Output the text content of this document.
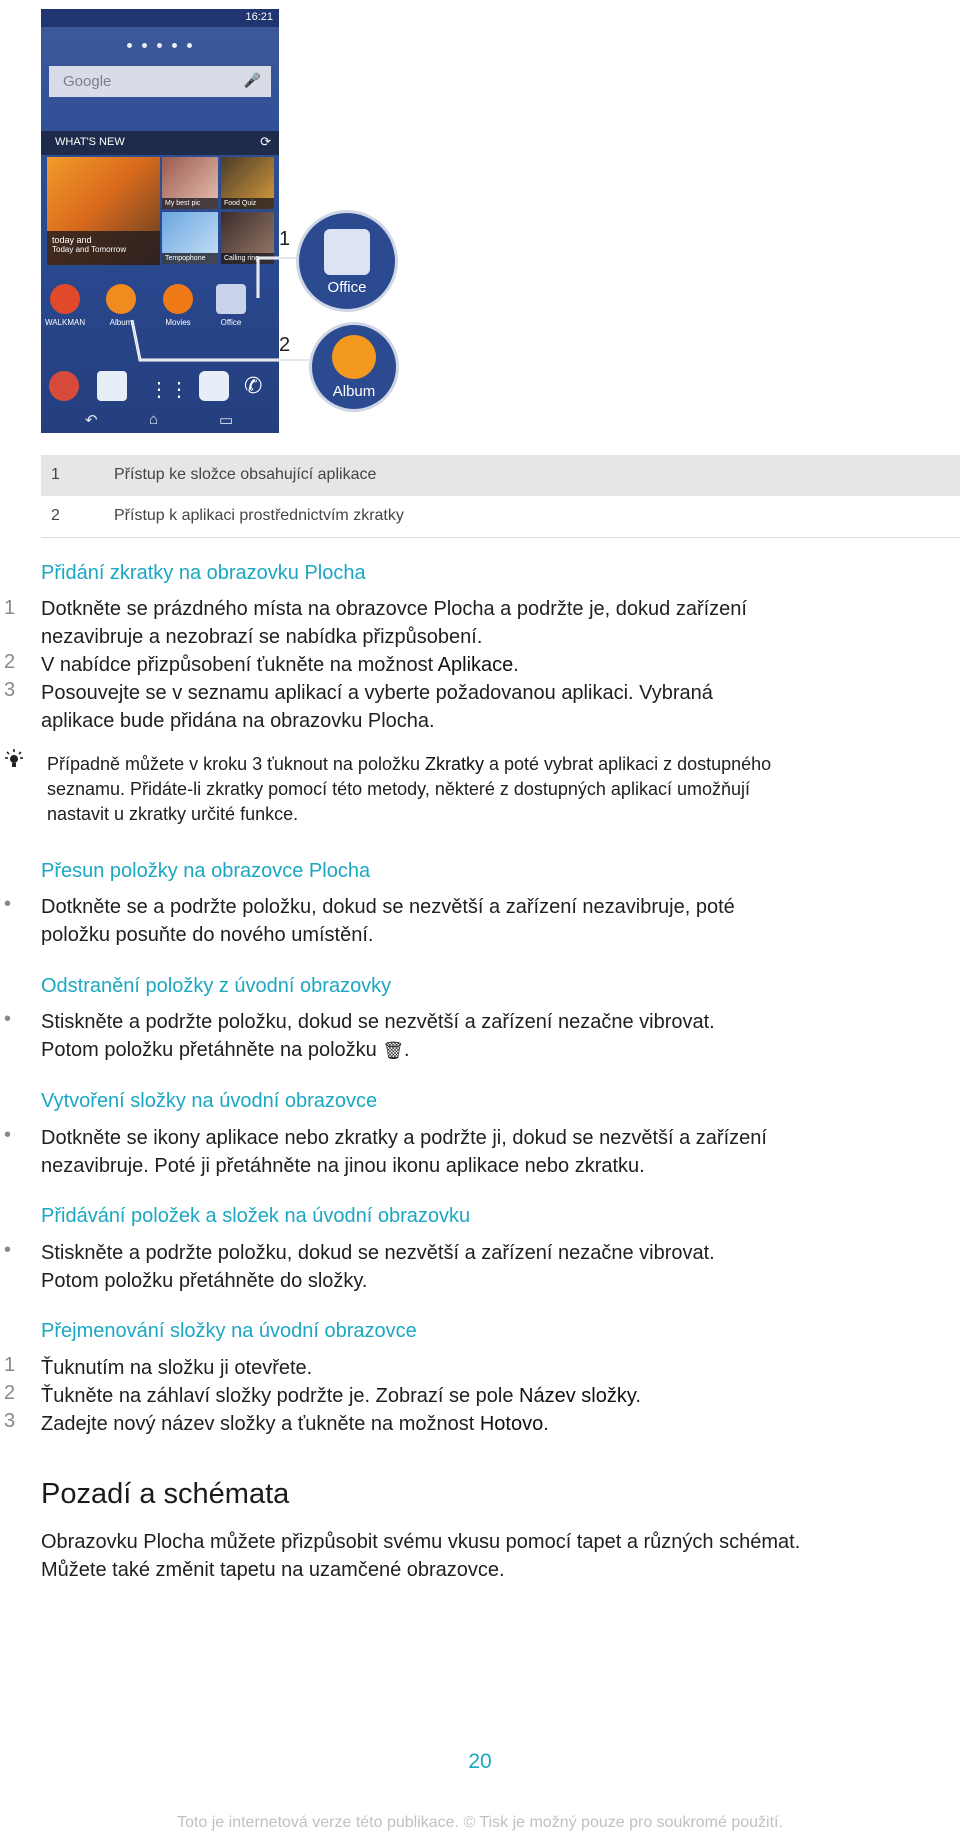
16:21
Google	🎤
WHAT'S NEW	⟳
today and
Today and Tomorrow
My best pic	Food Quiz
Tempophone	Calling ring
WALKMAN	Album	Movies	Office
⋮⋮	✆
↶	⌂	▭
1
2
Office
Album
1	Přístup ke složce obsahující aplikace
2	Přístup k aplikaci prostřednictvím zkratky
Přidání zkratky na obrazovku Plocha
1 Dotkněte se prázdného místa na obrazovce Plocha a podržte je, dokud zařízení
nezavibruje a nezobrazí se nabídka přizpůsobení.
2 V nabídce přizpůsobení ťukněte na možnost Aplikace.
3 Posouvejte se v seznamu aplikací a vyberte požadovanou aplikaci. Vybraná
aplikace bude přidána na obrazovku Plocha.
Případně můžete v kroku 3 ťuknout na položku Zkratky a poté vybrat aplikaci z dostupného
seznamu. Přidáte-li zkratky pomocí této metody, některé z dostupných aplikací umožňují
nastavit u zkratky určité funkce.
Přesun položky na obrazovce Plocha
• Dotkněte se a podržte položku, dokud se nezvětší a zařízení nezavibruje, poté
položku posuňte do nového umístění.
Odstranění položky z úvodní obrazovky
• Stiskněte a podržte položku, dokud se nezvětší a zařízení nezačne vibrovat.
Potom položku přetáhněte na položku 🗑.
Vytvoření složky na úvodní obrazovce
• Dotkněte se ikony aplikace nebo zkratky a podržte ji, dokud se nezvětší a zařízení
nezavibruje. Poté ji přetáhněte na jinou ikonu aplikace nebo zkratku.
Přidávání položek a složek na úvodní obrazovku
• Stiskněte a podržte položku, dokud se nezvětší a zařízení nezačne vibrovat.
Potom položku přetáhněte do složky.
Přejmenování složky na úvodní obrazovce
1 Ťuknutím na složku ji otevřete.
2 Ťukněte na záhlaví složky podržte je. Zobrazí se pole Název složky.
3 Zadejte nový název složky a ťukněte na možnost Hotovo.
Pozadí a schémata
Obrazovku Plocha můžete přizpůsobit svému vkusu pomocí tapet a různých schémat.
Můžete také změnit tapetu na uzamčené obrazovce.
20
Toto je internetová verze této publikace. © Tisk je možný pouze pro soukromé použití.
